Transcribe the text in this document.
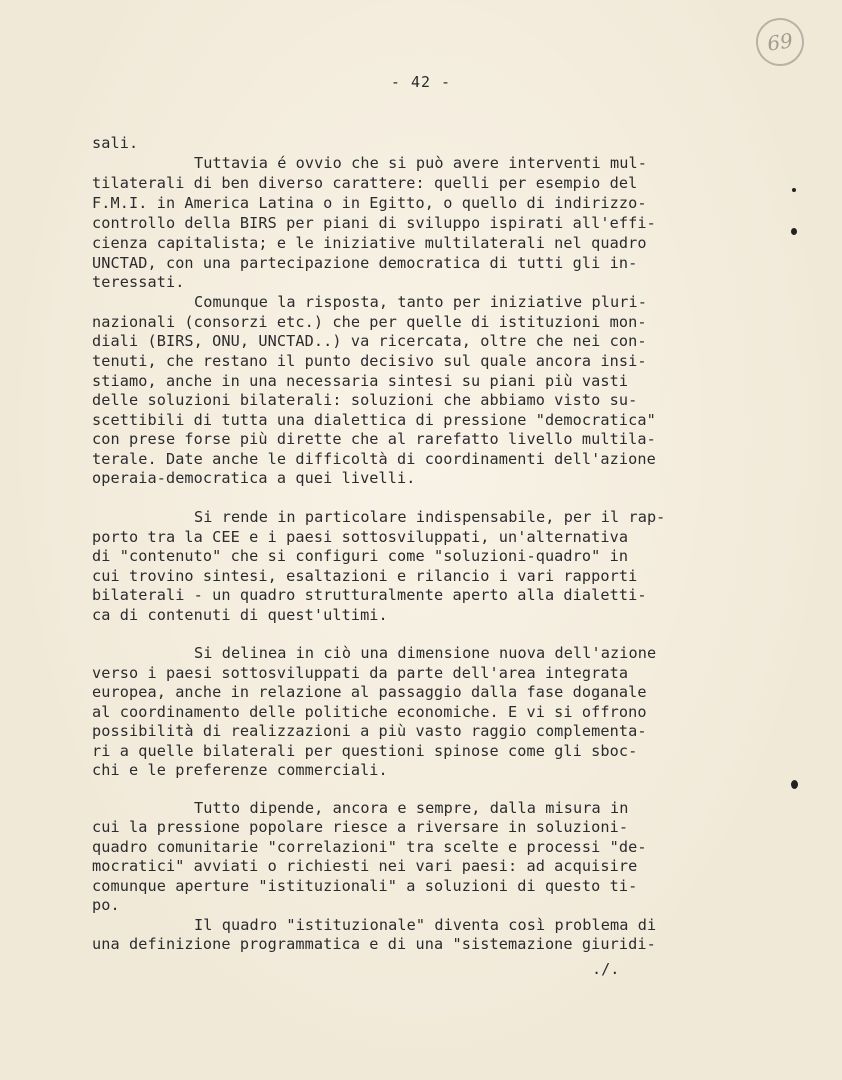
69
- 42 -
sali.
Tuttavia é ovvio che si può avere interventi mul-
tilaterali di ben diverso carattere: quelli per esempio del
F.M.I. in America Latina o in Egitto, o quello di indirizzo-
controllo della BIRS per piani di sviluppo ispirati all'effi-
cienza capitalista; e le iniziative multilaterali nel quadro
UNCTAD, con una partecipazione democratica di tutti gli in-
teressati.
Comunque la risposta, tanto per iniziative pluri-
nazionali (consorzi etc.) che per quelle di istituzioni mon-
diali (BIRS, ONU, UNCTAD..) va ricercata, oltre che nei con-
tenuti, che restano il punto decisivo sul quale ancora insi-
stiamo, anche in una necessaria sintesi su piani più vasti
delle soluzioni bilaterali: soluzioni che abbiamo visto su-
scettibili di tutta una dialettica di pressione "democratica"
con prese forse più dirette che al rarefatto livello multila-
terale. Date anche le difficoltà di coordinamenti dell'azione
operaia-democratica a quei livelli.
Si rende in particolare indispensabile, per il rap-
porto tra la CEE e i paesi sottosviluppati, un'alternativa
di "contenuto" che si configuri come "soluzioni-quadro" in
cui trovino sintesi, esaltazioni e rilancio i vari rapporti
bilaterali - un quadro strutturalmente aperto alla dialetti-
ca di contenuti di quest'ultimi.
Si delinea in ciò una dimensione nuova dell'azione
verso i paesi sottosviluppati da parte dell'area integrata
europea, anche in relazione al passaggio dalla fase doganale
al coordinamento delle politiche economiche. E vi si offrono
possibilità di realizzazioni a più vasto raggio complementa-
ri a quelle bilaterali per questioni spinose come gli sboc-
chi e le preferenze commerciali.
Tutto dipende, ancora e sempre, dalla misura in
cui la pressione popolare riesce a riversare in soluzioni-
quadro comunitarie "correlazioni" tra scelte e processi "de-
mocratici" avviati o richiesti nei vari paesi: ad acquisire
comunque aperture "istituzionali" a soluzioni di questo ti-
po.
Il quadro "istituzionale" diventa così problema di
una definizione programmatica e di una "sistemazione giuridi-
./.
